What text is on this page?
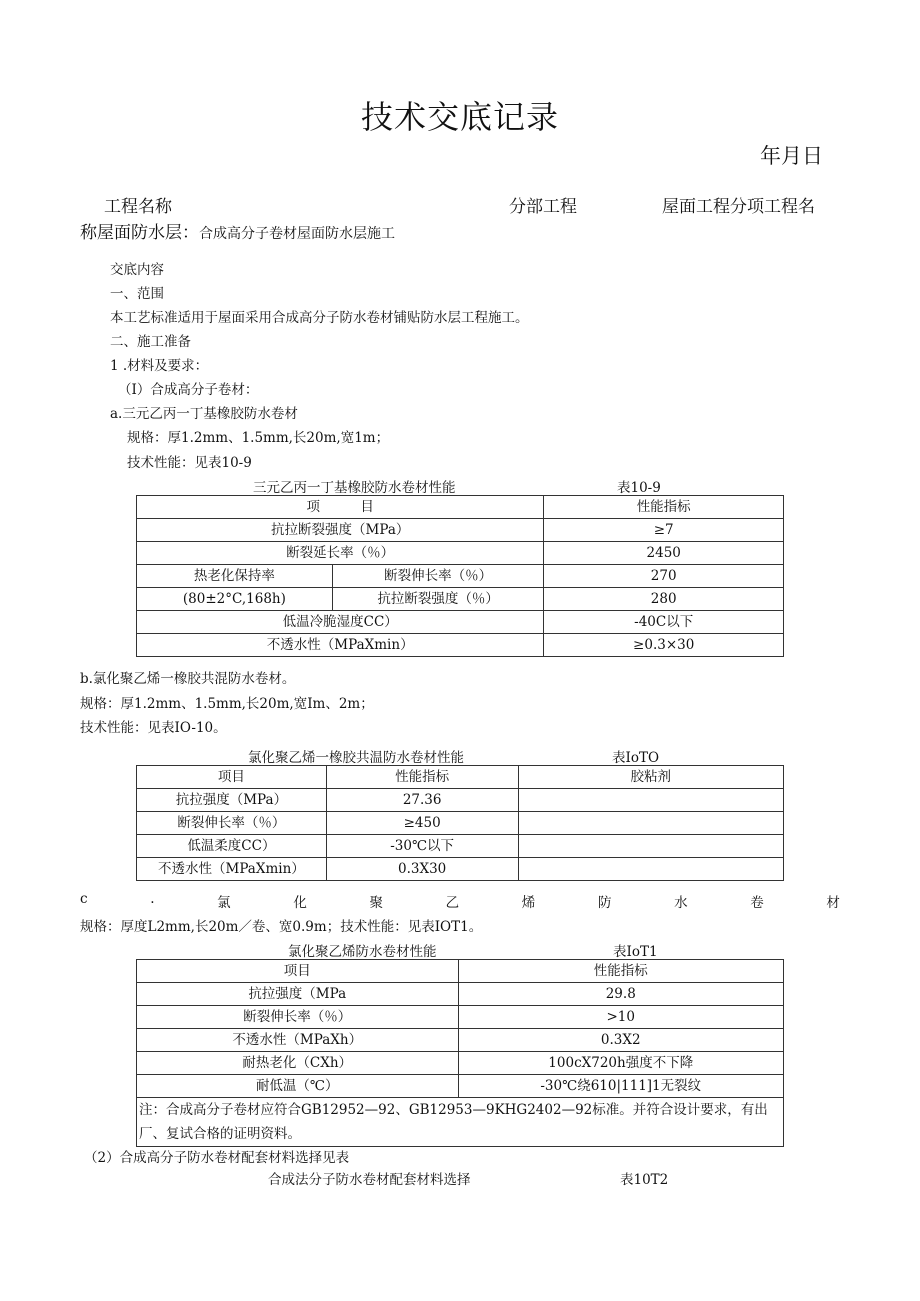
技术交底记录
年月日
工程名称	分部工程	屋面工程分项工程名
称屋面防水层：合成高分子卷材屋面防水层施工
交底内容
一、范围
本工艺标准适用于屋面采用合成高分子防水卷材铺贴防水层工程施工。
二、施工准备
1 .材料及要求：
（I）合成高分子卷材：
a.三元乙丙一丁基橡胶防水卷材
规格：厚1.2mm、1.5mm,长20m,宽1m；
技术性能：见表10-9
三元乙丙一丁基橡胶防水卷材性能	表10-9
项　　　目		性能指标
抗拉断裂强度（MPa）		≥7
断裂延长率（％）		2450
热老化保持率	断裂伸长率（％）	270
(80±2°C,168h)	抗拉断裂强度（％）	280
低温冷脆湿度CC）		-40C以下
不透水性（MPaXmin）		≥0.3×30
b.氯化聚乙烯一橡胶共混防水卷材。
规格：厚1.2mm、1.5mm,长20m,宽Im、2m；
技术性能：见表IO-10。
氯化聚乙烯一橡胶共温防水卷材性能	表IoTO
项目	性能指标	胶粘剂
抗拉强度（MPa）	27.36	
断裂伸长率（％）	≥450	
低温柔度CC）	-30℃以下	
不透水性（MPaXmin）	0.3X30	
c	.	氯	化	聚	乙	烯	防	水	卷	材
规格：厚度L2mm,长20m／卷、宽0.9m；技术性能：见表IOT1。
氯化聚乙烯防水卷材性能	表IoT1
项目	性能指标
抗拉强度（MPa	29.8
断裂伸长率（％）	>10
不透水性（MPaXh）	0.3X2
耐热老化（CXh）	100cX720h强度不下降
耐低温（℃）	-30℃绕610|111]1无裂纹

注：合成高分子卷材应符合GB12952—92、GB12953—9KHG2402—92标准。并符合设计要求，有出
厂、复试合格的证明资料。	
（2）合成高分子防水卷材配套材料选择见表
合成法分子防水卷材配套材料选择	表10T2
